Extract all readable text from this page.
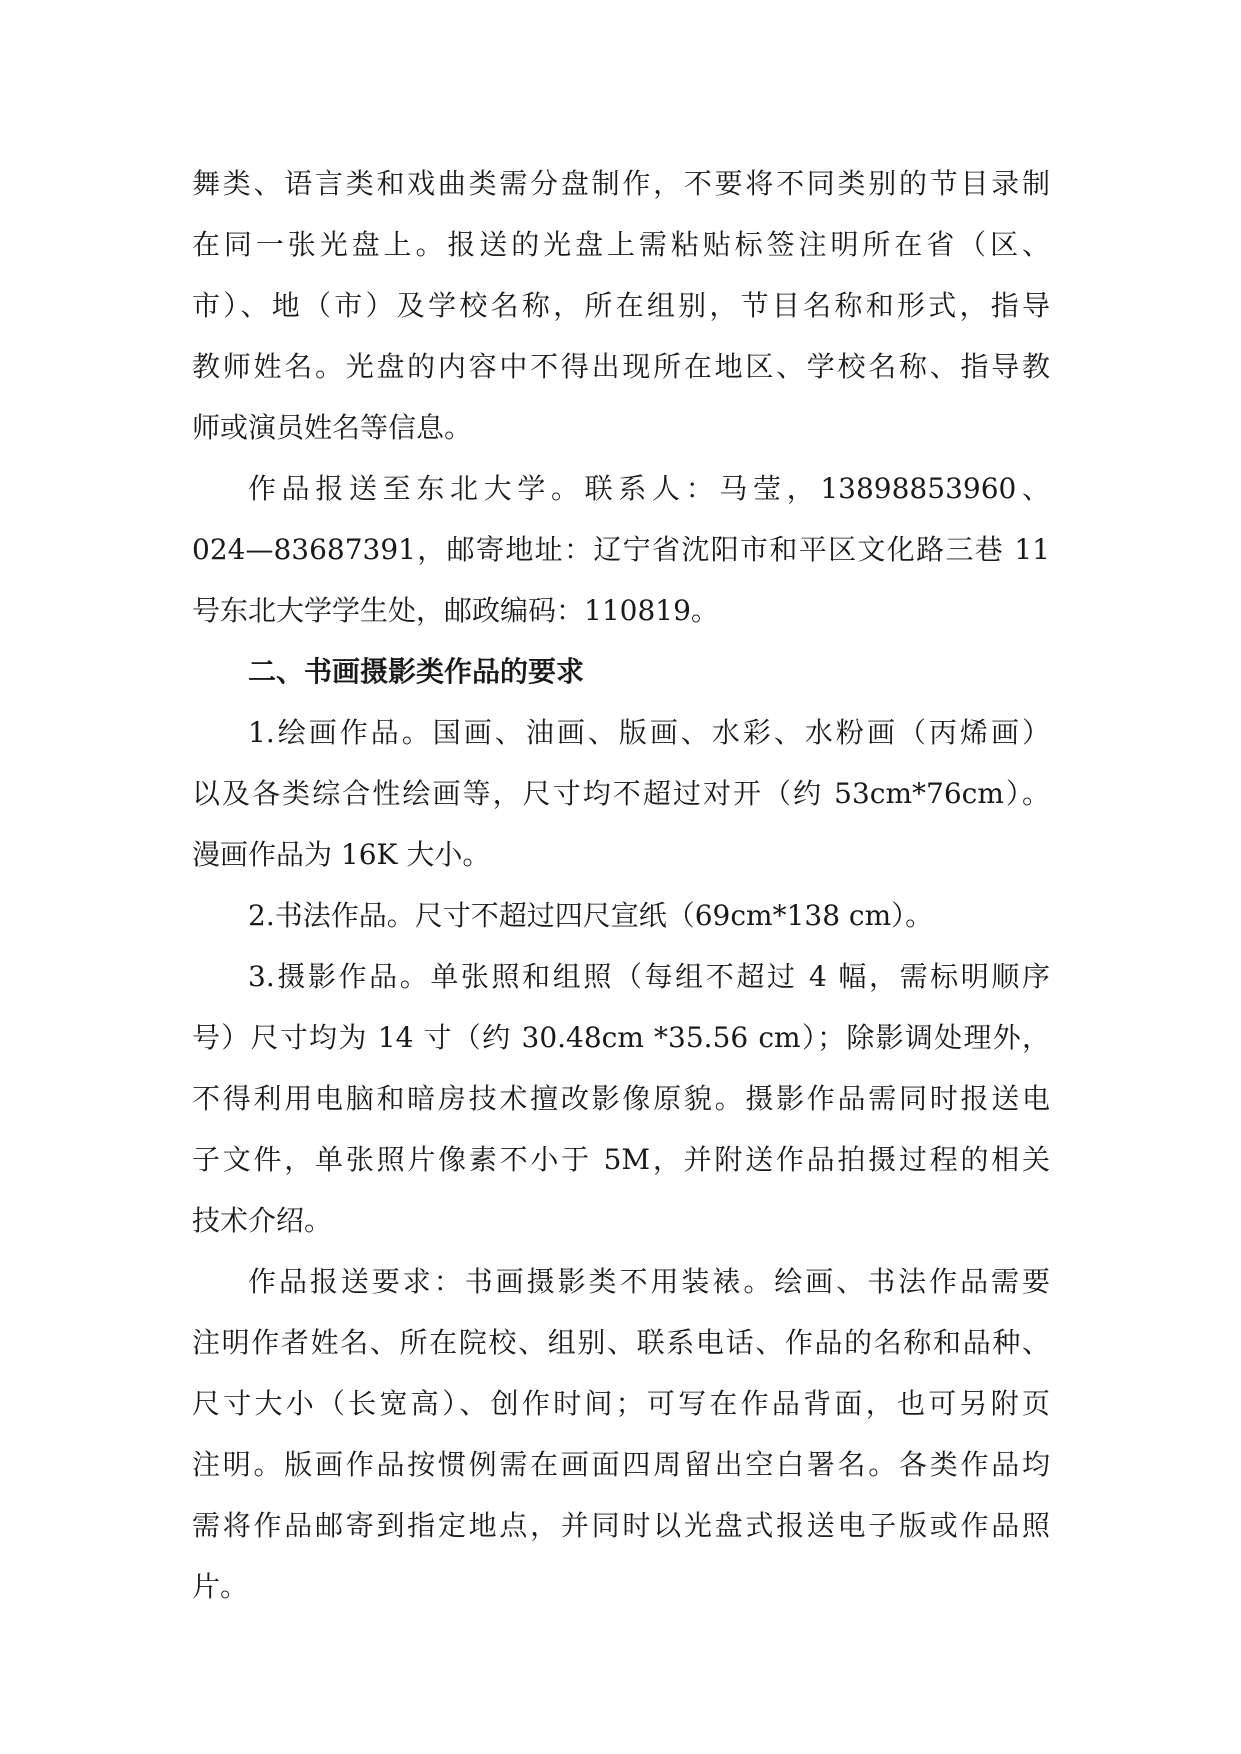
舞类、语言类和戏曲类需分盘制作，不要将不同类别的节目录制
在同一张光盘上。报送的光盘上需粘贴标签注明所在省（区、
市）、地（市）及学校名称，所在组别，节目名称和形式，指导
教师姓名。光盘的内容中不得出现所在地区、学校名称、指导教
师或演员姓名等信息。
作品报送至东北大学。联系人：马莹，13898853960、
024—83687391，邮寄地址：辽宁省沈阳市和平区文化路三巷 11
号东北大学学生处，邮政编码：110819。
二、书画摄影类作品的要求
1.绘画作品。国画、油画、版画、水彩、水粉画（丙烯画）
以及各类综合性绘画等，尺寸均不超过对开（约 53cm*76cm）。
漫画作品为 16K 大小。
2.书法作品。尺寸不超过四尺宣纸（69cm*138 cm）。
3.摄影作品。单张照和组照（每组不超过 4 幅，需标明顺序
号）尺寸均为 14 寸（约 30.48cm *35.56 cm）；除影调处理外，
不得利用电脑和暗房技术擅改影像原貌。摄影作品需同时报送电
子文件，单张照片像素不小于 5M，并附送作品拍摄过程的相关
技术介绍。
作品报送要求：书画摄影类不用装裱。绘画、书法作品需要
注明作者姓名、所在院校、组别、联系电话、作品的名称和品种、
尺寸大小（长宽高）、创作时间；可写在作品背面，也可另附页
注明。版画作品按惯例需在画面四周留出空白署名。各类作品均
需将作品邮寄到指定地点，并同时以光盘式报送电子版或作品照
片。
